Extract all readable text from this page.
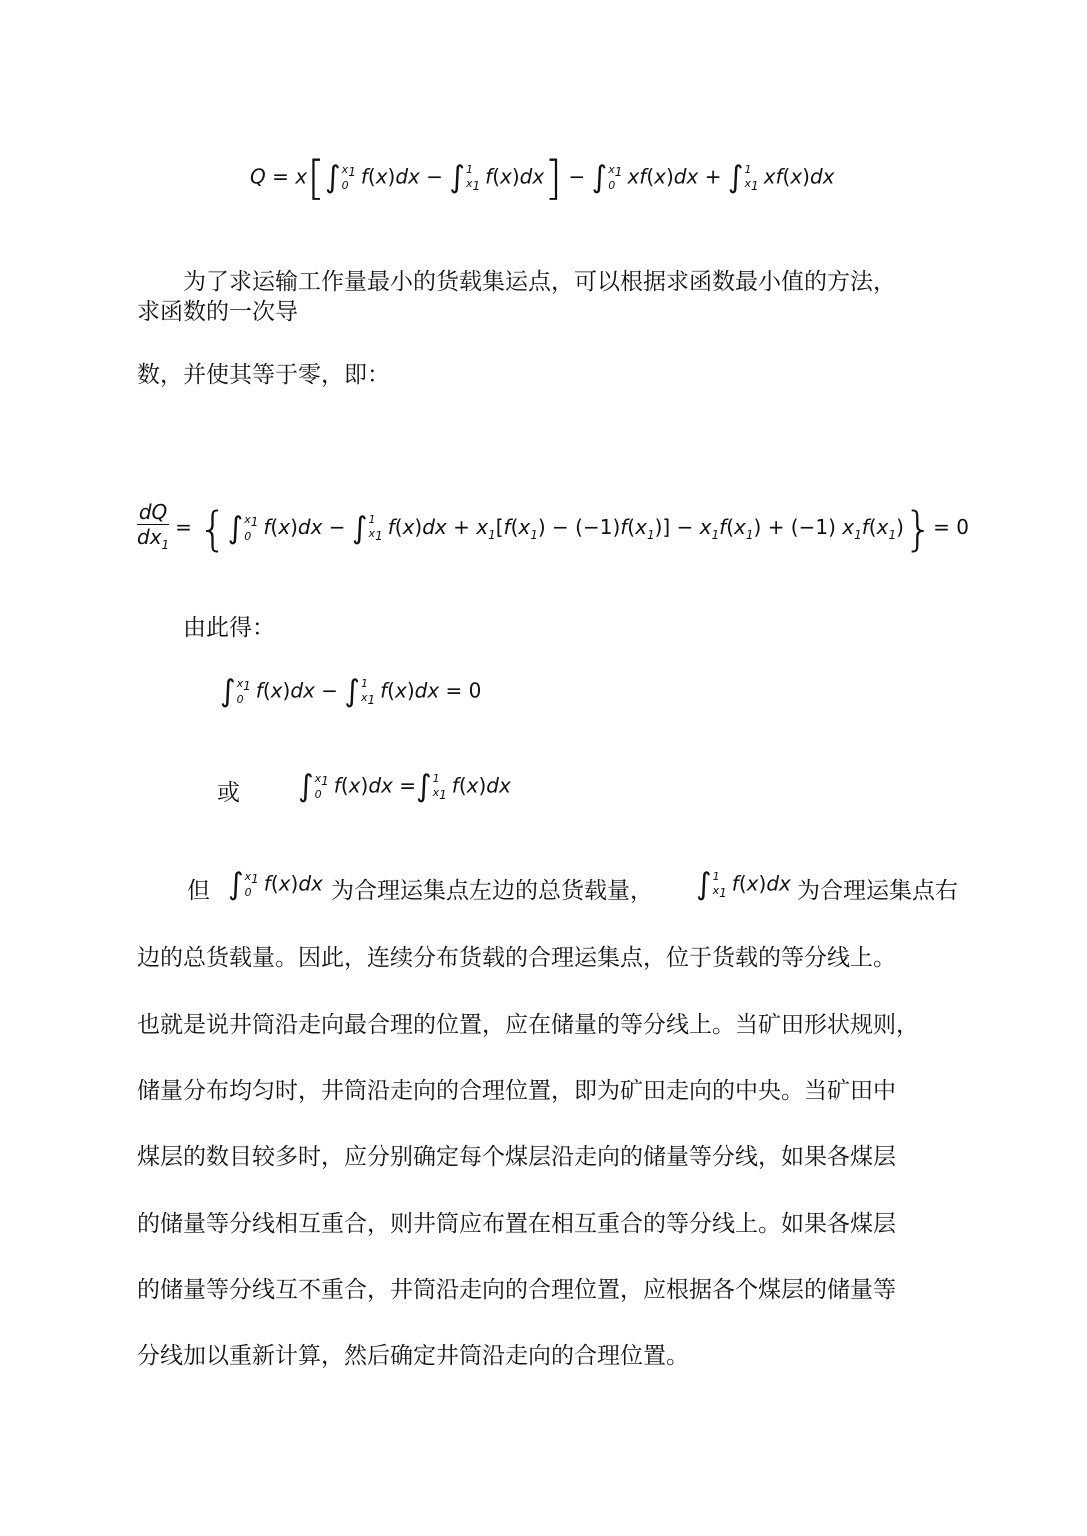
Q = x[∫ $x_1$
0 f(x)dx − ∫ 1
$x_1$ f(x)dx] − ∫ $x_1$
0 xf(x)dx + ∫ 1
$x_1$ xf(x)dx
为了求运输工作量最小的货载集运点，可以根据求函数最小值的方法，
求函数的一次导
数，并使其等于零，即：
$\frac{dQ}{dx_1}$ = {∫ $x_1$
0 f(x)dx − ∫ 1
$x_1$ $f(x)dx + x_1[f(x_1) - (-1)f(x_1)] - x_1f(x_1) + (-1)$ $x_1f(x_1)\}= 0$
由此得：
∫ $x_1$
0 f(x)dx − ∫ 1
$x_1$ f(x)dx = 0
或 ∫ $x_1$
0 f(x)dx =∫ 1
$x_1$ f(x)dx
但 ∫ $x_1$
0 f(x)dx 为合理运集点左边的总货载量， ∫ 1
$x_1$ f(x)dx 为合理运集点右
边的总货载量。因此，连续分布货载的合理运集点，位于货载的等分线上。
也就是说井筒沿走向最合理的位置，应在储量的等分线上。当矿田形状规则，
储量分布均匀时，井筒沿走向的合理位置，即为矿田走向的中央。当矿田中
煤层的数目较多时，应分别确定每个煤层沿走向的储量等分线，如果各煤层
的储量等分线相互重合，则井筒应布置在相互重合的等分线上。如果各煤层
的储量等分线互不重合，井筒沿走向的合理位置，应根据各个煤层的储量等
分线加以重新计算，然后确定井筒沿走向的合理位置。
